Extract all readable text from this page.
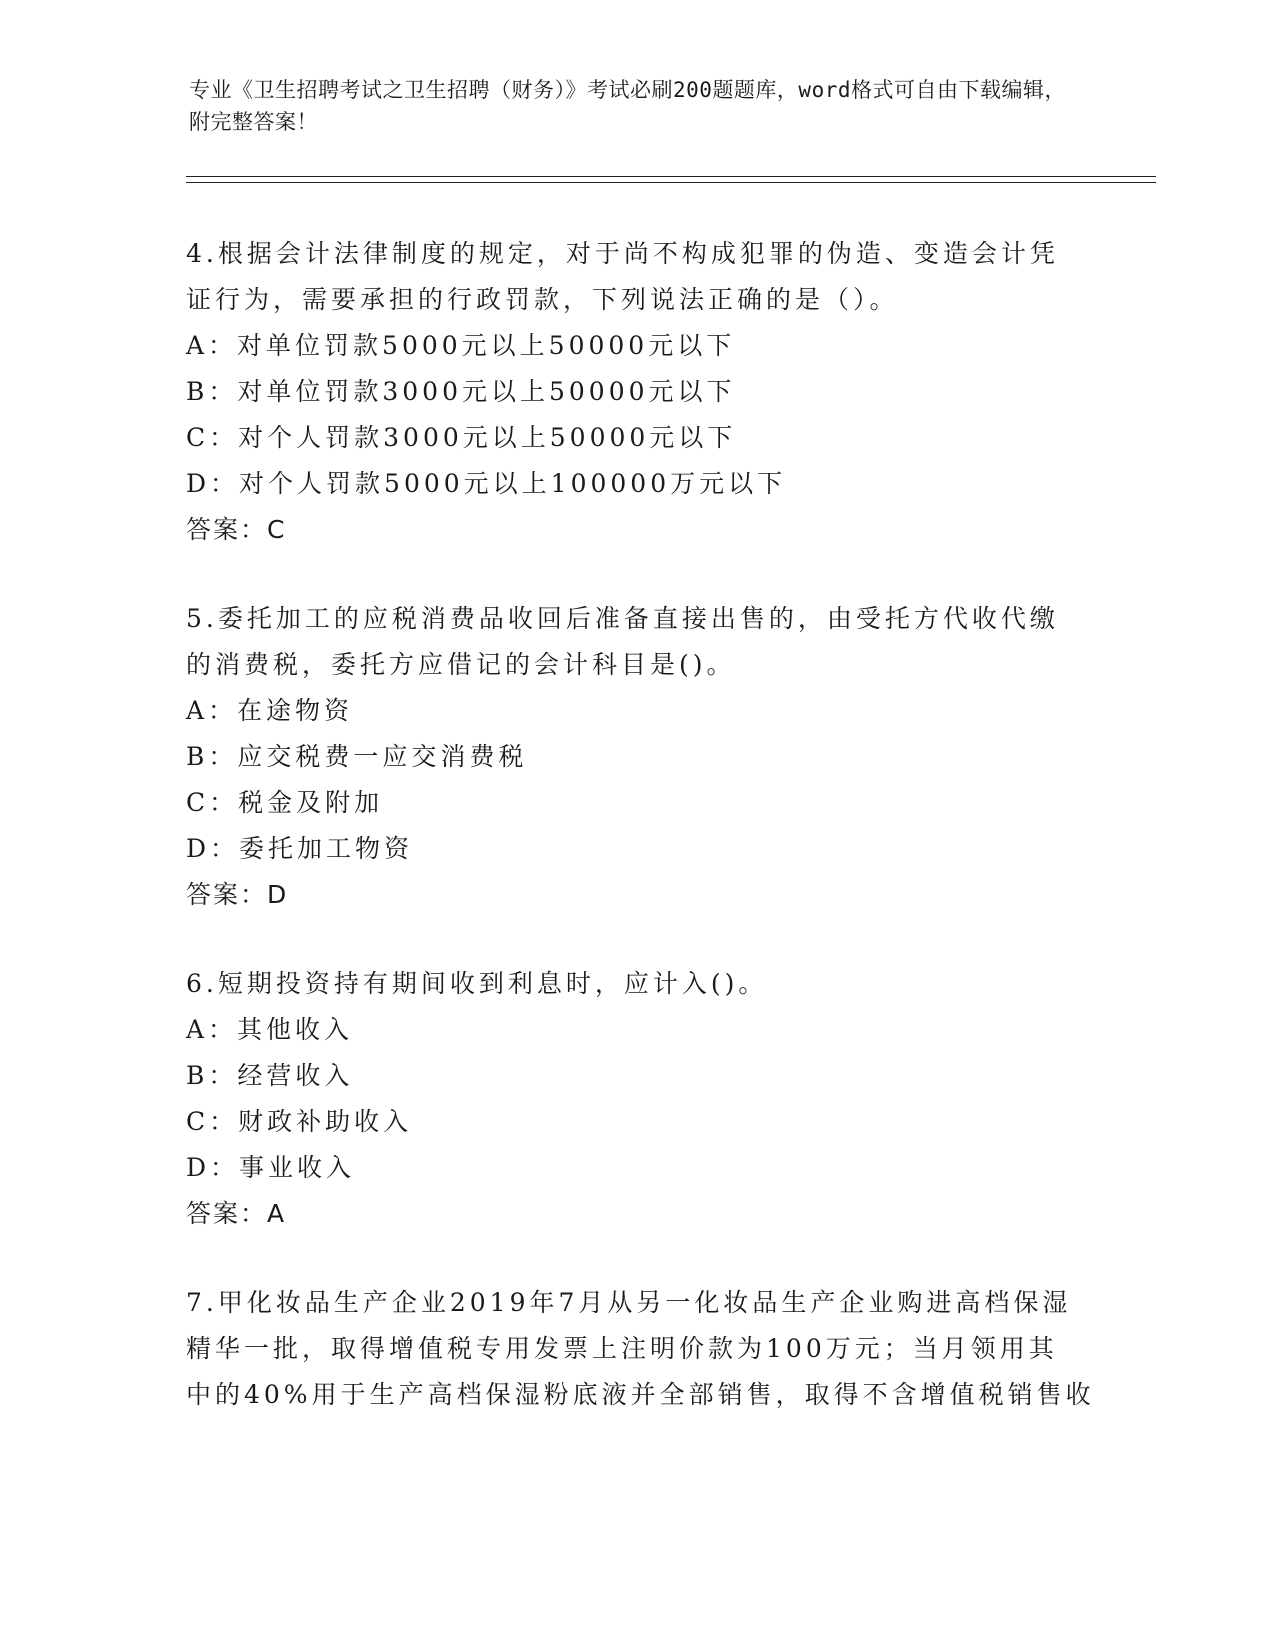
专业《卫生招聘考试之卫生招聘（财务）》考试必刷200题题库，word格式可自由下载编辑，附完整答案！
4.根据会计法律制度的规定，对于尚不构成犯罪的伪造、变造会计凭
证行为，需要承担的行政罚款，下列说法正确的是（）。
A：对单位罚款5000元以上50000元以下
B：对单位罚款3000元以上50000元以下
C：对个人罚款3000元以上50000元以下
D：对个人罚款5000元以上100000万元以下
答案：C
5.委托加工的应税消费品收回后准备直接出售的，由受托方代收代缴
的消费税，委托方应借记的会计科目是()。
A：在途物资
B：应交税费一应交消费税
C：税金及附加
D：委托加工物资
答案：D
6.短期投资持有期间收到利息时，应计入()。
A：其他收入
B：经营收入
C：财政补助收入
D：事业收入
答案：A
7.甲化妆品生产企业2019年7月从另一化妆品生产企业购进高档保湿
精华一批，取得增值税专用发票上注明价款为100万元；当月领用其
中的40%用于生产高档保湿粉底液并全部销售，取得不含增值税销售收
